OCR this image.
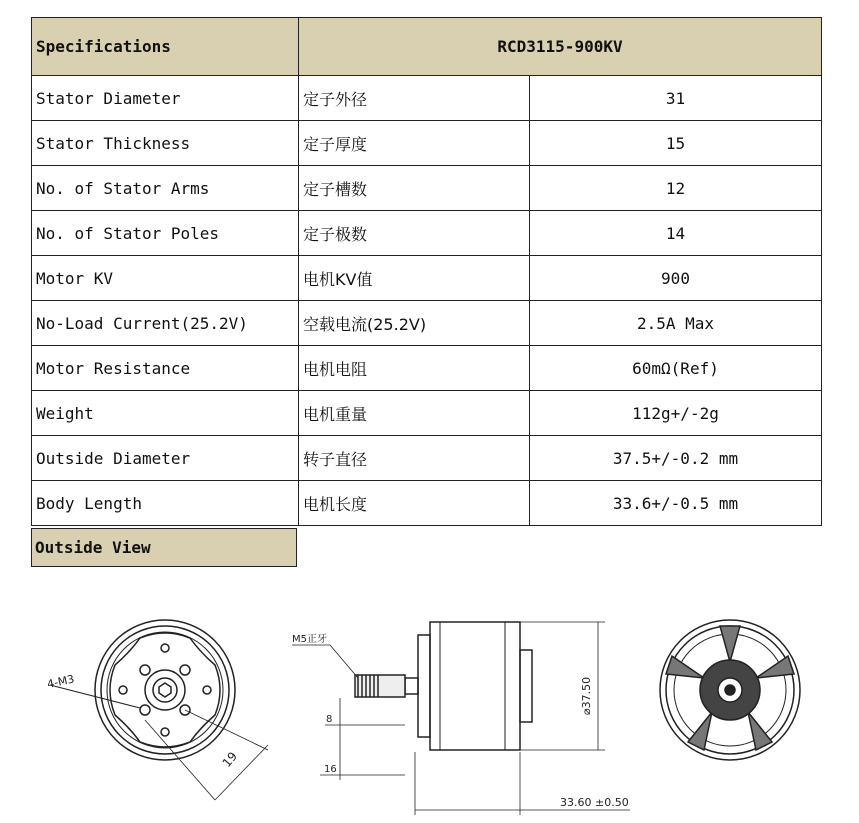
Specifications	RCD3115-900KV	
Stator Diameter	定子外径	31
Stator Thickness	定子厚度	15
No. of Stator Arms	定子槽数	12
No. of Stator Poles	定子极数	14
Motor KV	电机KV值	900
No-Load Current(25.2V)	空载电流(25.2V)	2.5A Max
Motor Resistance	电机电阻	60mΩ(Ref)
Weight	电机重量	112g+/-2g
Outside Diameter	转子直径	37.5+/-0.2 mm
Body Length	电机长度	33.6+/-0.5 mm
Outside View
4-M3
19
M5正牙
8
16
⌀37.50
33.60 ±0.50
